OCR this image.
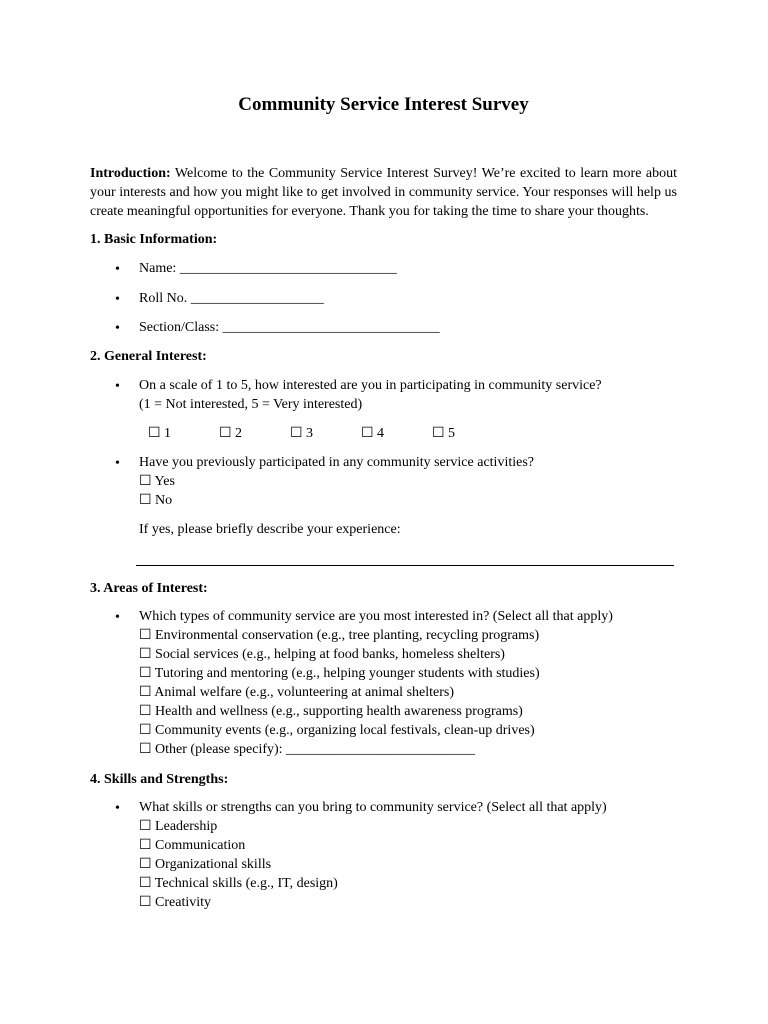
Community Service Interest Survey
Introduction: Welcome to the Community Service Interest Survey! We’re excited to learn more about your interests and how you might like to get involved in community service. Your responses will help us create meaningful opportunities for everyone. Thank you for taking the time to share your thoughts.
1. Basic Information:
•	Name: _______________________________
•	Roll No. ___________________
•	Section/Class: _______________________________
2. General Interest:
•	On a scale of 1 to 5, how interested are you in participating in community service?
(1 = Not interested, 5 = Very interested)
☐ 1	☐ 2	☐ 3	☐ 4	☐ 5
•	Have you previously participated in any community service activities?
☐ Yes
☐ No
If yes, please briefly describe your experience:
3. Areas of Interest:
•	Which types of community service are you most interested in? (Select all that apply)
☐ Environmental conservation (e.g., tree planting, recycling programs)
☐ Social services (e.g., helping at food banks, homeless shelters)
☐ Tutoring and mentoring (e.g., helping younger students with studies)
☐ Animal welfare (e.g., volunteering at animal shelters)
☐ Health and wellness (e.g., supporting health awareness programs)
☐ Community events (e.g., organizing local festivals, clean-up drives)
☐ Other (please specify): ___________________________
4. Skills and Strengths:
•	What skills or strengths can you bring to community service? (Select all that apply)
☐ Leadership
☐ Communication
☐ Organizational skills
☐ Technical skills (e.g., IT, design)
☐ Creativity
